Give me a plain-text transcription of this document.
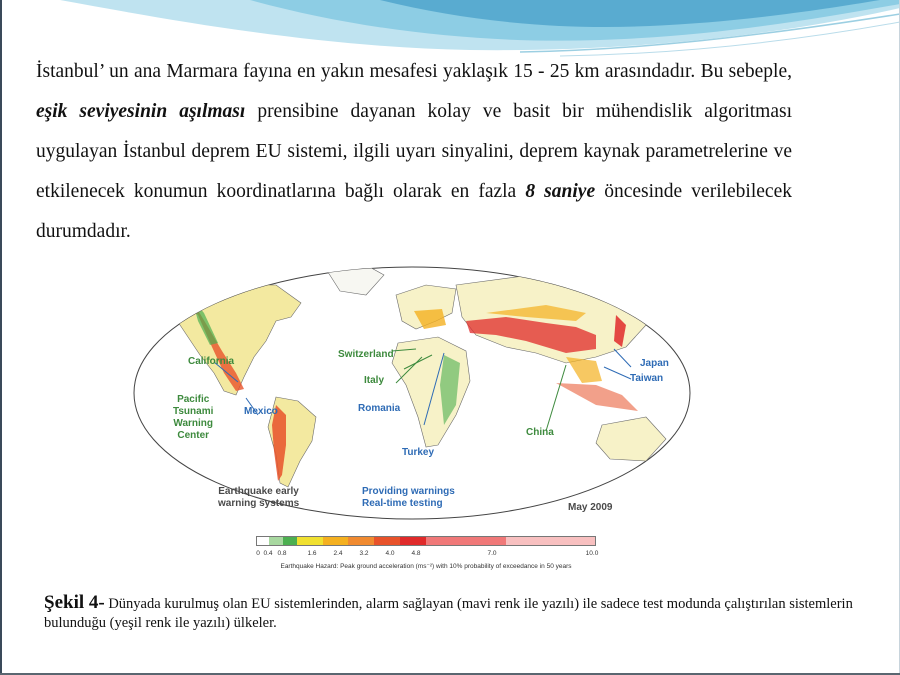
İstanbul’ un ana Marmara fayına en yakın mesafesi yaklaşık 15 - 25 km arasındadır. Bu sebeple, eşik seviyesinin aşılması prensibine dayanan kolay ve basit bir mühendislik algoritması uygulayan İstanbul deprem EU sistemi, ilgili uyarı sinyalini, deprem kaynak parametrelerine ve etkilenecek konumun koordinatlarına bağlı olarak en fazla 8 saniye öncesinde verilebilecek durumdadır.
California
Pacific
Tsunami
Warning
Center
Mexico
Switzerland
Italy
Romania
Turkey
China
Japan
Taiwan
Earthquake early
warning systems
Providing warnings
Real-time testing	May 2009
0 0.4 0.8	1.6	2.4	3.2	4.0	4.8	7.0	10.0
Earthquake Hazard: Peak ground acceleration (ms⁻²) with 10% probability of exceedance in 50 years
Şekil 4- Dünyada kurulmuş olan EU sistemlerinden, alarm sağlayan (mavi renk ile yazılı) ile sadece test modunda çalıştırılan sistemlerin bulunduğu (yeşil renk ile yazılı) ülkeler.
